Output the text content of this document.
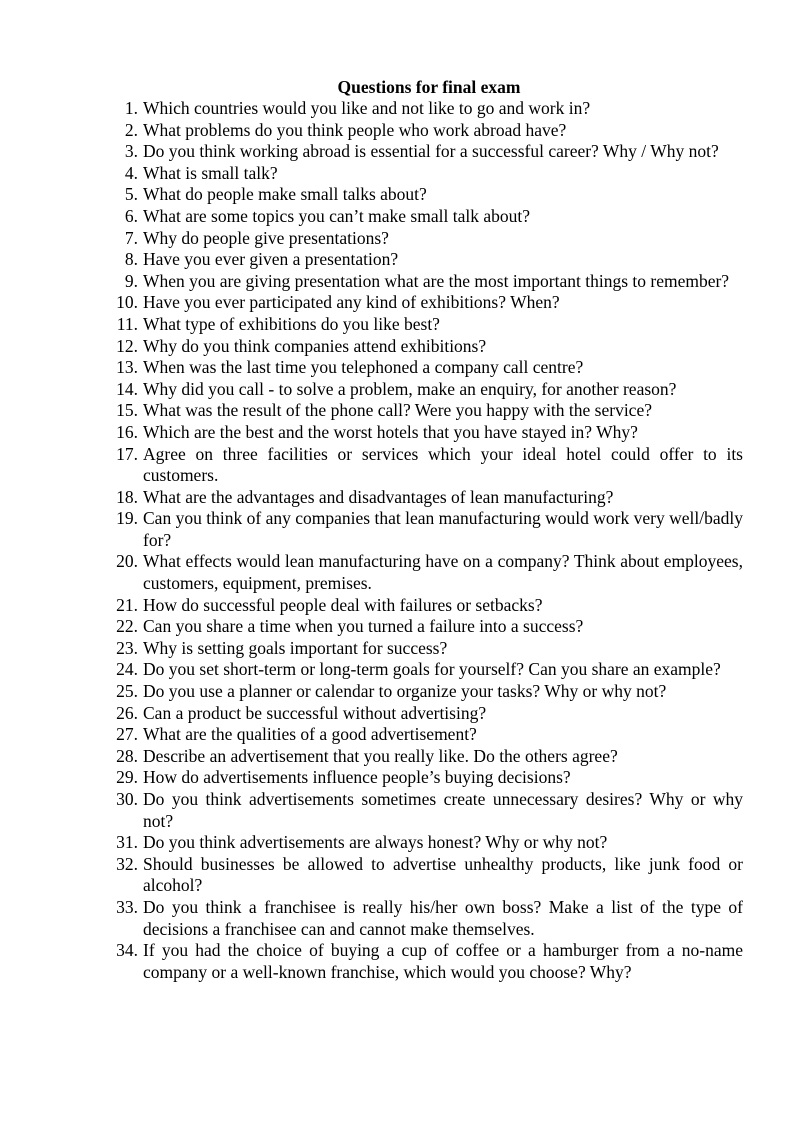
Questions for final exam
1. Which countries would you like and not like to go and work in?
2. What problems do you think people who work abroad have?
3. Do you think working abroad is essential for a successful career? Why / Why not?
4. What is small talk?
5. What do people make small talks about?
6. What are some topics you can’t make small talk about?
7. Why do people give presentations?
8. Have you ever given a presentation?
9. When you are giving presentation what are the most important things to remember?
10. Have you ever participated any kind of exhibitions? When?
11. What type of exhibitions do you like best?
12. Why do you think companies attend exhibitions?
13. When was the last time you telephoned a company call centre?
14. Why did you call - to solve a problem, make an enquiry, for another reason?
15. What was the result of the phone call? Were you happy with the service?
16. Which are the best and the worst hotels that you have stayed in? Why?
17. Agree on three facilities or services which your ideal hotel could offer to its customers.
18. What are the advantages and disadvantages of lean manufacturing?
19. Can you think of any companies that lean manufacturing would work very well/badly for?
20. What effects would lean manufacturing have on a company? Think about employees, customers, equipment, premises.
21. How do successful people deal with failures or setbacks?
22. Can you share a time when you turned a failure into a success?
23. Why is setting goals important for success?
24. Do you set short-term or long-term goals for yourself? Can you share an example?
25. Do you use a planner or calendar to organize your tasks? Why or why not?
26. Can a product be successful without advertising?
27. What are the qualities of a good advertisement?
28. Describe an advertisement that you really like. Do the others agree?
29. How do advertisements influence people’s buying decisions?
30. Do you think advertisements sometimes create unnecessary desires? Why or why not?
31. Do you think advertisements are always honest? Why or why not?
32. Should businesses be allowed to advertise unhealthy products, like junk food or alcohol?
33. Do you think a franchisee is really his/her own boss? Make a list of the type of decisions a franchisee can and cannot make themselves.
34. If you had the choice of buying a cup of coffee or a hamburger from a no-name company or a well-known franchise, which would you choose? Why?
